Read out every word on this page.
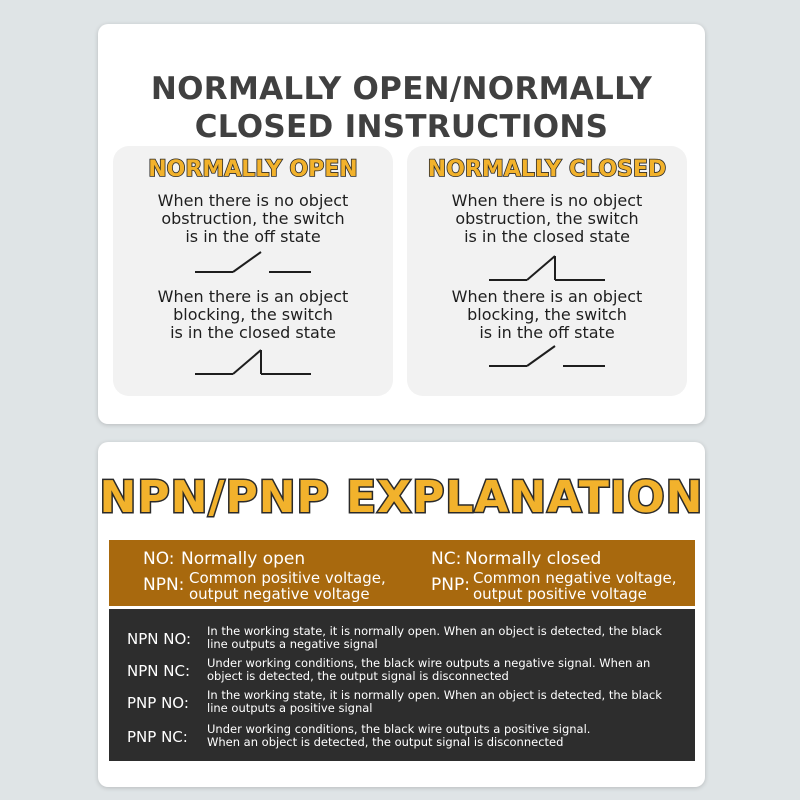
NORMALLY OPEN/NORMALLY
CLOSED INSTRUCTIONS
NORMALLY OPEN
When there is no object
obstruction, the switch
is in the off state
When there is an object
blocking, the switch
is in the closed state
NORMALLY CLOSED
When there is no object
obstruction, the switch
is in the closed state
When there is an object
blocking, the switch
is in the off state
NPN/PNP EXPLANATION
NO: Normally open	NC: Normally closed
NPN: Common positive voltage,
output negative voltage	PNP: Common negative voltage,
output positive voltage
NPN NO: In the working state, it is normally open. When an object is detected, the black
line outputs a negative signal
NPN NC: Under working conditions, the black wire outputs a negative signal. When an
object is detected, the output signal is disconnected
PNP NO: In the working state, it is normally open. When an object is detected, the black
line outputs a positive signal
PNP NC: Under working conditions, the black wire outputs a positive signal.
When an object is detected, the output signal is disconnected
